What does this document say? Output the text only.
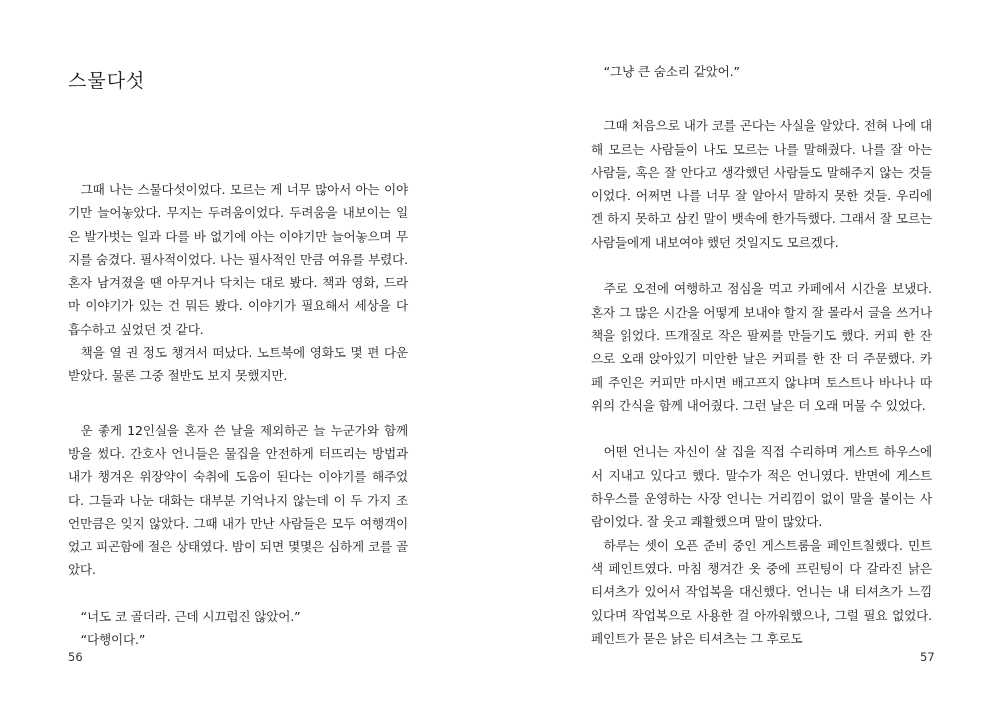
스물다섯

그때 나는 스물다섯이었다. 모르는 게 너무 많아서 아는 이야기만 늘어놓았다. 무지는 두려움이었다. 두려움을 내보이는 일은 발가벗는 일과 다를 바 없기에 아는 이야기만 늘어놓으며 무지를 숨겼다. 필사적이었다. 나는 필사적인 만큼 여유를 부렸다. 혼자 남겨졌을 땐 아무거나 닥치는 대로 봤다. 책과 영화, 드라마 이야기가 있는 건 뭐든 봤다. 이야기가 필요해서 세상을 다 흡수하고 싶었던 것 같다.

책을 열 권 정도 챙겨서 떠났다. 노트북에 영화도 몇 편 다운받았다. 물론 그중 절반도 보지 못했지만.

운 좋게 12인실을 혼자 쓴 날을 제외하곤 늘 누군가와 함께 방을 썼다. 간호사 언니들은 물집을 안전하게 터뜨리는 방법과 내가 챙겨온 위장약이 숙취에 도움이 된다는 이야기를 해주었다. 그들과 나눈 대화는 대부분 기억나지 않는데 이 두 가지 조언만큼은 잊지 않았다. 그때 내가 만난 사람들은 모두 여행객이었고 피곤함에 절은 상태였다. 밤이 되면 몇몇은 심하게 코를 골았다.

“너도 코 골더라. 근데 시끄럽진 않았어.”

“다행이다.”

56

“그냥 큰 숨소리 같았어.”

그때 처음으로 내가 코를 곤다는 사실을 알았다. 전혀 나에 대해 모르는 사람들이 나도 모르는 나를 말해줬다. 나를 잘 아는 사람들, 혹은 잘 안다고 생각했던 사람들도 말해주지 않는 것들이었다. 어쩌면 나를 너무 잘 알아서 말하지 못한 것들. 우리에겐 하지 못하고 삼킨 말이 뱃속에 한가득했다. 그래서 잘 모르는 사람들에게 내보여야 했던 것일지도 모르겠다.

주로 오전에 여행하고 점심을 먹고 카페에서 시간을 보냈다. 혼자 그 많은 시간을 어떻게 보내야 할지 잘 몰라서 글을 쓰거나 책을 읽었다. 뜨개질로 작은 팔찌를 만들기도 했다. 커피 한 잔으로 오래 앉아있기 미안한 날은 커피를 한 잔 더 주문했다. 카페 주인은 커피만 마시면 배고프지 않냐며 토스트나 바나나 따위의 간식을 함께 내어줬다. 그런 날은 더 오래 머물 수 있었다.

어떤 언니는 자신이 살 집을 직접 수리하며 게스트 하우스에서 지내고 있다고 했다. 말수가 적은 언니였다. 반면에 게스트 하우스를 운영하는 사장 언니는 거리낌이 없이 말을 붙이는 사람이었다. 잘 웃고 쾌활했으며 말이 많았다.

하루는 셋이 오픈 준비 중인 게스트룸을 페인트칠했다. 민트색 페인트였다. 마침 챙겨간 옷 중에 프린팅이 다 갈라진 낡은 티셔츠가 있어서 작업복을 대신했다. 언니는 내 티셔츠가 느낌 있다며 작업복으로 사용한 걸 아까워했으나, 그럴 필요 없었다. 페인트가 묻은 낡은 티셔츠는 그 후로도

57
